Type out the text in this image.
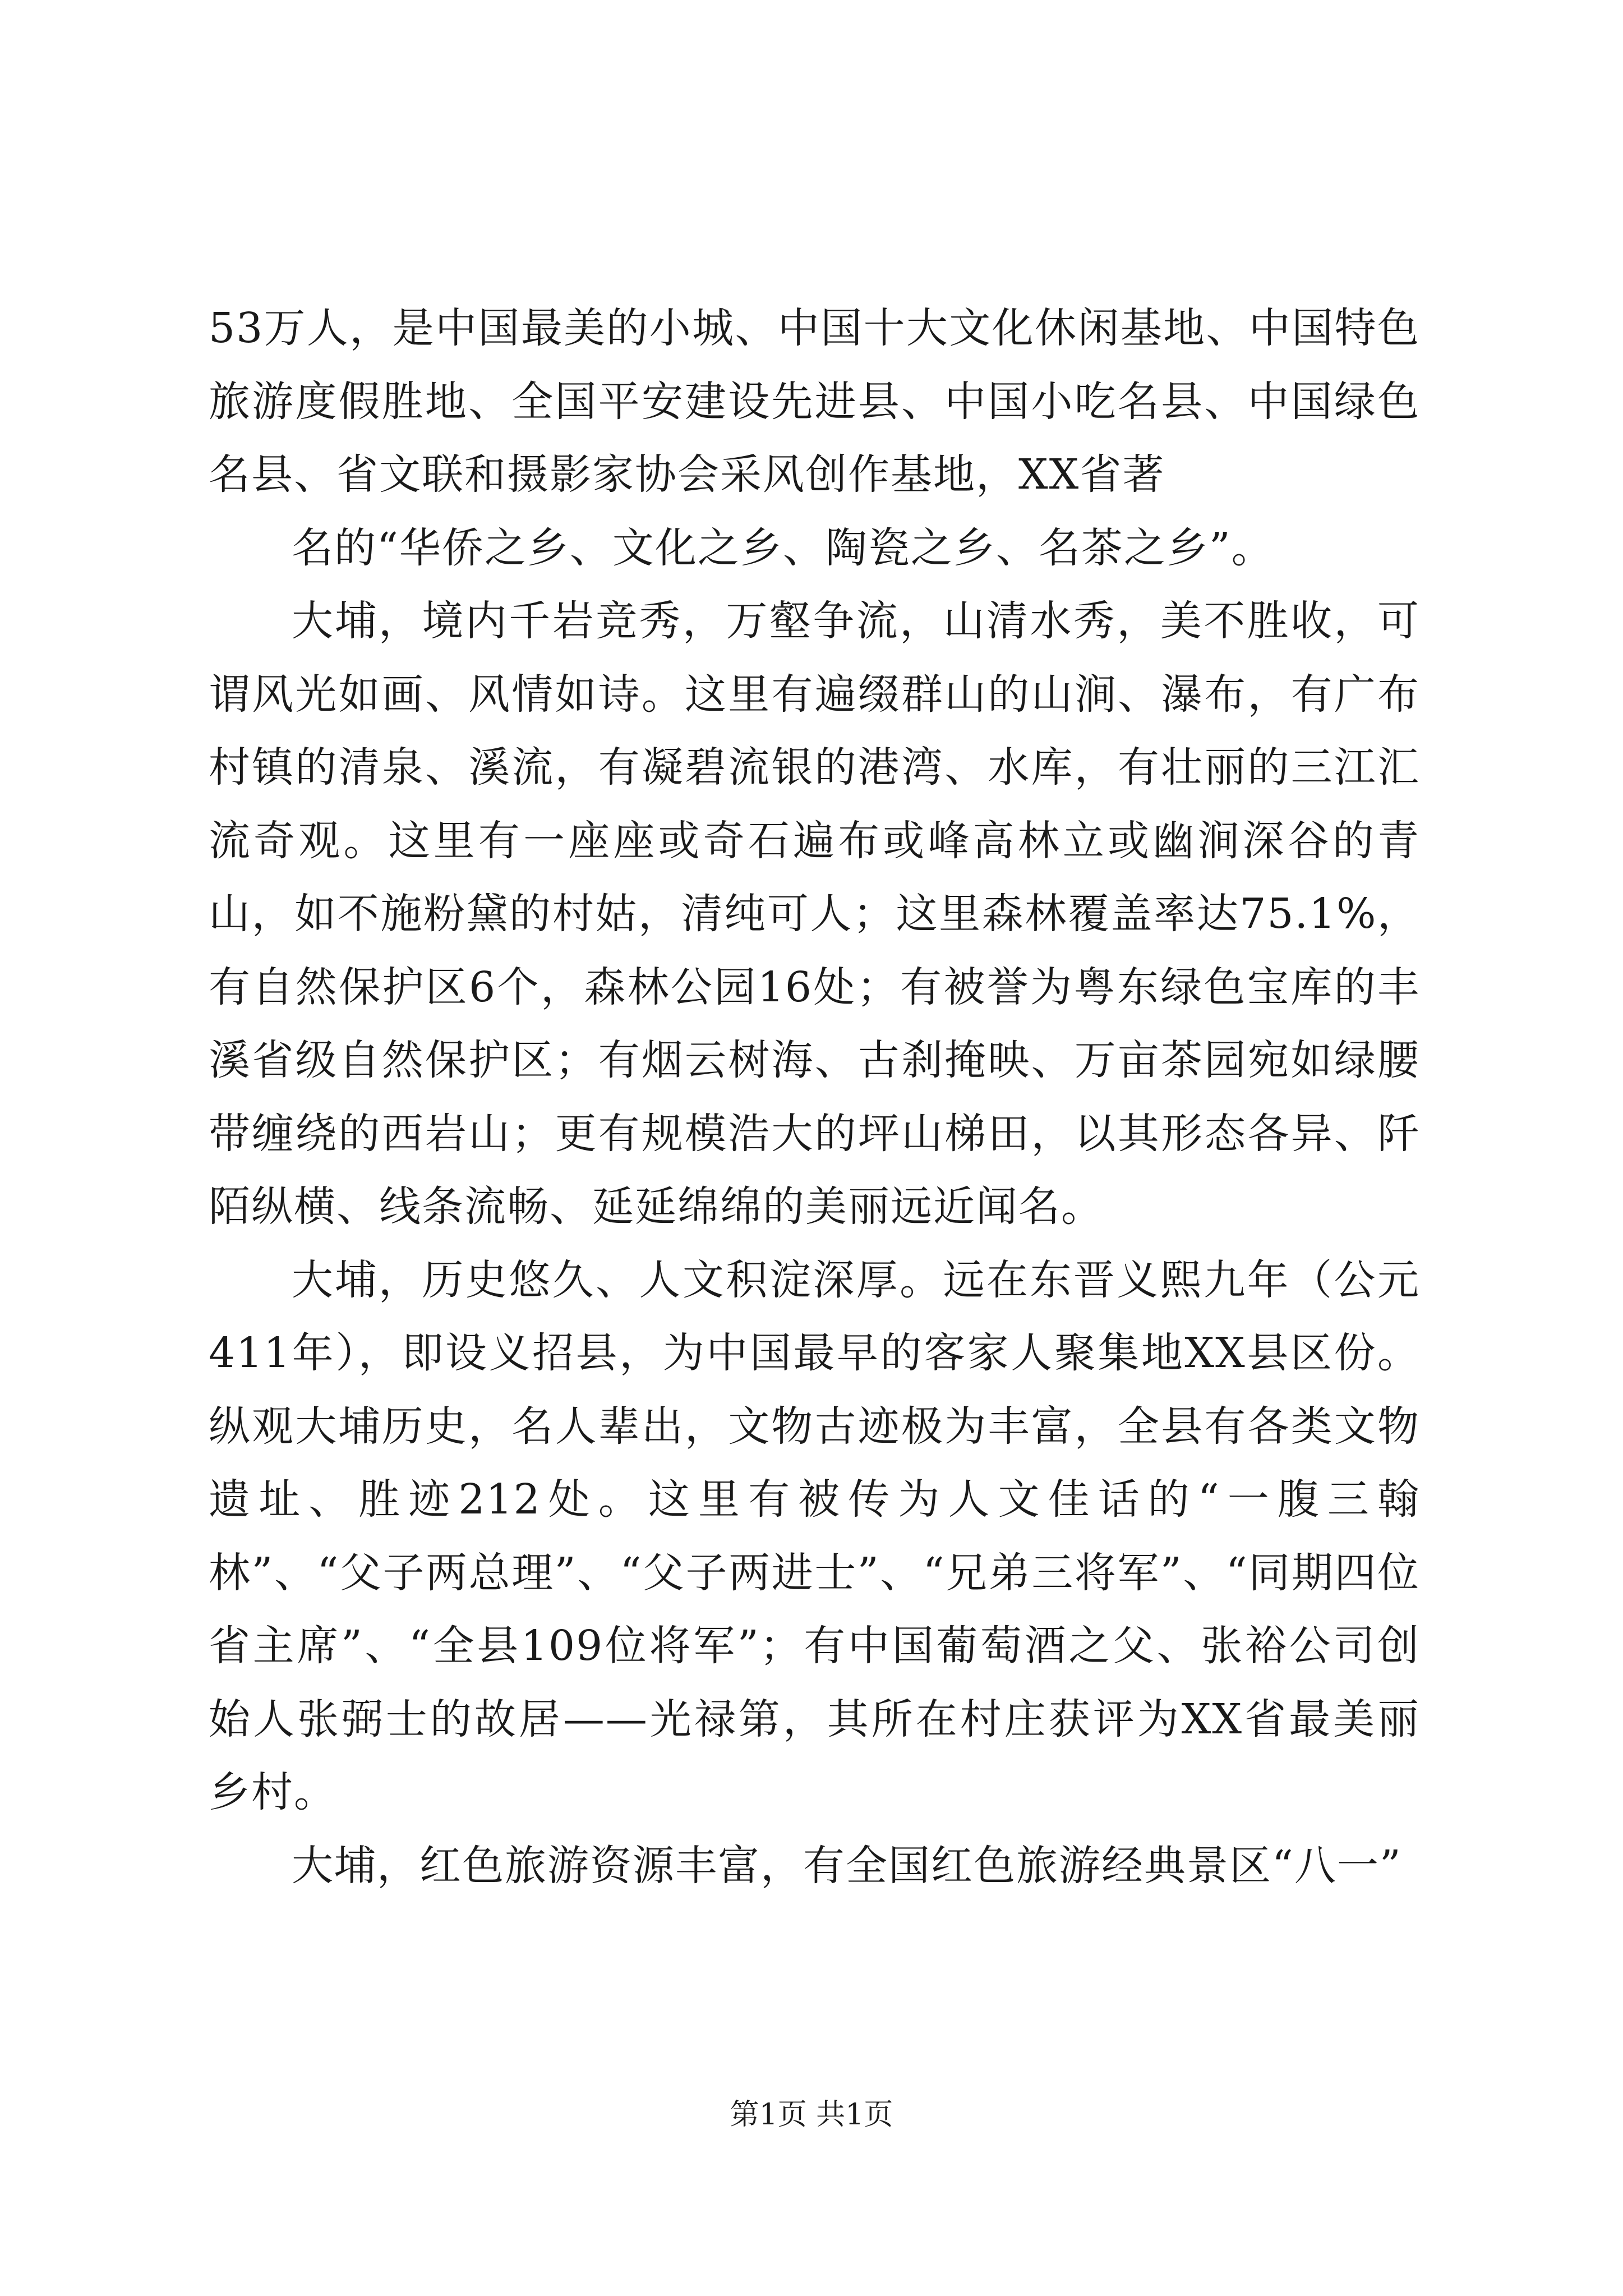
53万人，是中国最美的小城、中国十大文化休闲基地、中国特色旅游度假胜地、全国平安建设先进县、中国小吃名县、中国绿色名县、省文联和摄影家协会采风创作基地，XX省著

名的“华侨之乡、文化之乡、陶瓷之乡、名茶之乡”。

大埔，境内千岩竞秀，万壑争流，山清水秀，美不胜收，可谓风光如画、风情如诗。这里有遍缀群山的山涧、瀑布，有广布村镇的清泉、溪流，有凝碧流银的港湾、水库，有壮丽的三江汇流奇观。这里有一座座或奇石遍布或峰高林立或幽涧深谷的青山，如不施粉黛的村姑，清纯可人；这里森林覆盖率达75.1%，有自然保护区6个，森林公园16处；有被誉为粤东绿色宝库的丰溪省级自然保护区；有烟云树海、古刹掩映、万亩茶园宛如绿腰带缠绕的西岩山；更有规模浩大的坪山梯田，以其形态各异、阡陌纵横、线条流畅、延延绵绵的美丽远近闻名。

大埔，历史悠久、人文积淀深厚。远在东晋义熙九年（公元411年），即设义招县，为中国最早的客家人聚集地XX县区份。纵观大埔历史，名人辈出，文物古迹极为丰富，全县有各类文物遗址、胜迹212处。这里有被传为人文佳话的“一腹三翰林”、“父子两总理”、“父子两进士”、“兄弟三将军”、“同期四位省主席”、“全县109位将军”；有中国葡萄酒之父、张裕公司创始人张弼士的故居——光禄第，其所在村庄获评为XX省最美丽乡村。

大埔，红色旅游资源丰富，有全国红色旅游经典景区“八一”

第1页 共1页
